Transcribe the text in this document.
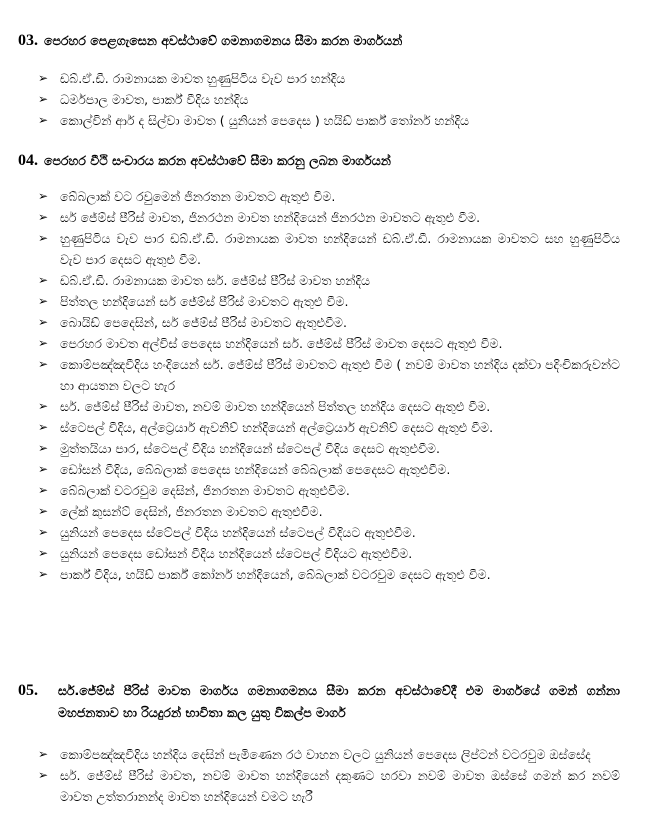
03. පෙරහර පෙළගැසෙන අවස්ථාවේ ගමනාගමනය සීමා කරන මාර්ගයන්
➢ ඩබ්.ඒ.ඩී. රාමනායක මාවත හුණුපිටිය වැව පාර හන්දිය
➢ ධර්මපාල මාවත, පාර්ක් වීදිය හන්දිය
➢ කොල්වින් ආර් ද සිල්වා මාවත ( යුනියන් පෙදෙස ) හයිඩ් පාර්ක් තෝනර් හන්දිය
04. පෙරහර වීථි සංචාරය කරන අවස්ථාවේ සීමා කරනු ලබන මාර්ගයන්
➢ බේබලාක් වට රවුමෙන් ජිනරතන මාවතට ඇතුළු වීම.
➢ සර් ජේම්ස් පීරිස් මාවත, ජිනරථන මාවත හන්දියෙන් ජිනරථන මාවතට ඇතුළු වීම.
➢ හුණුපිටිය වැව පාර ඩබ්.ඒ.ඩී. රාමනායක මාවත හන්දියෙන් ඩබ්.ඒ.ඩී. රාමනායක මාවතට සහ හුණුපිටිය වැව පාර දෙසට ඇතුළු වීම.
➢ ඩබ්.ඒ.ඩී. රාමනායක මාවත සර්. ජේම්ස් පීරිස් මාවත හන්දිය
➢ පිත්තල හන්දියෙන් සර් ජේම්ස් පීරිස් මාවතට ඇතුළු වීම.
➢ බොයිඩ් පෙදෙසින්, සර් ජේම්ස් පීරිස් මාවතට ඇතුළුවීම.
➢ පෙරහර මාවත අල්විස් පෙදෙස හන්දියෙන් සර්. ජේම්ස් පීරිස් මාවත දෙසට ඇතුළු වීම.
➢ කොම්පඤ්ඤවීදිය හංදියෙන් සර්. ජේම්ස් පීරිස් මාවතට ඇතුළු වීම ( නවම් මාවත හන්දිය දක්වා පදිංචිකරුවන්ට හා ආයතන වලට හැර
➢ සර්. ජේම්ස් පීරිස් මාවත, නවම් මාවත හන්දියෙන් පිත්තල හන්දිය දෙසට ඇතුළු වීම.
➢ ස්ටෙපල් වීදිය, අල්ට්‍රෙයාර් ඇවනිව් හන්දියෙන් අල්ට්‍රෙයාර් ඇවනිව් දෙසට ඇතුළු වීම.
➢ මුත්තයියා පාර, ස්ටෙපල් වීදිය හන්දියෙන් ස්ටෙපල් වීදිය දෙසට ඇතුළුවීම.
➢ ඩෝසන් වීදිය, බේබලාක් පෙදෙස හන්දියෙන් බේබලාක් පෙදෙසට ඇතුළුවීම.
➢ බේබලාක් වටරවුම දෙසින්, ජිනරතන මාවතට ඇතුළුවීම.
➢ ලේක් කුසන්ට් දෙසින්, ජිනරතන මාවතට ඇතුළුවීම.
➢ යුනියන් පෙදෙස ස්ටේපල් වීදිය හන්දියෙන් ස්ටෙපල් වීදියට ඇතුළුවීම.
➢ යුනියන් පෙදෙස ඩෝසන් වීදිය හන්දියෙන් ස්ටෙපල් වීදියට ඇතුළුවීම.
➢ පාර්ක් වීදිය, හයිඩ් පාර්ක් කෝනර් හන්දියෙන්, බේබලාක් වටරවුම දෙසට ඇතුළු වීම.
05.	සර්.ජේම්ස් පීරිස් මාවත මාර්ගය ගමනාගමනය සීමා කරන අවස්ථාවේදී එම මාර්ගයේ ගමන් ගන්නා මහජනතාව හා රියදුරන් භාවිතා කල යුතු විකල්ප මාර්ග
➢ කොම්පඤ්ඤවීදිය හන්දිය දෙසින් පැමිණෙන රථ වාහන වලට යුනියන් පෙදෙස ලිප්ටන් වටරවුම ඔස්සේද
➢ සර්. ජේම්ස් පීරිස් මාවත, නවම් මාවත හන්දියෙන් දකුණට හරවා නවම් මාවත ඔස්සේ ගමන් කර නවම් මාවත උත්තරානන්ද මාවත හන්දියෙන් වමට හැරී
